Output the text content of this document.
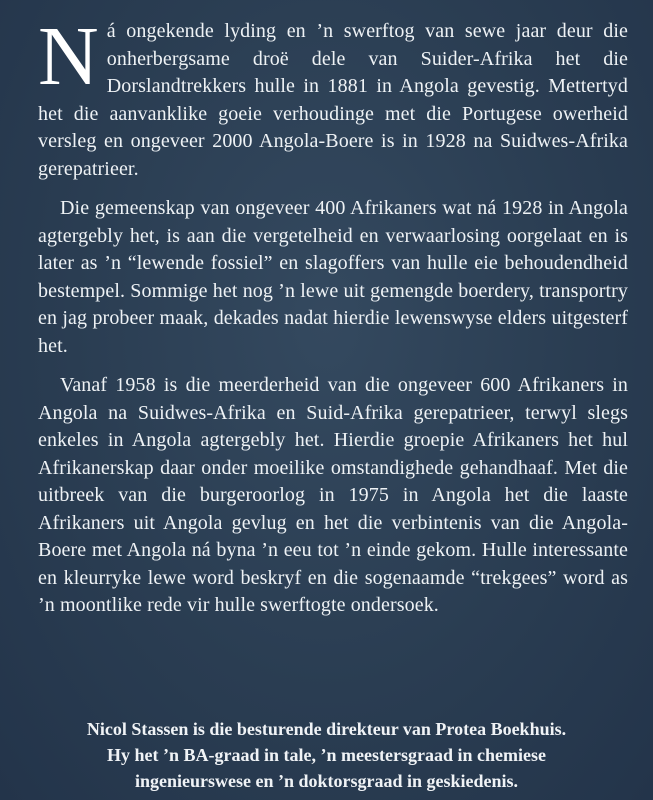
Ná ongekende lyding en ’n swerftog van sewe jaar deur die onherbergsame droë dele van Suider-Afrika het die Dorslandtrekkers hulle in 1881 in Angola gevestig. Mettertyd het die aanvanklike goeie verhoudinge met die Portugese owerheid versleg en ongeveer 2000 Angola-Boere is in 1928 na Suidwes-Afrika gerepatrieer.

Die gemeenskap van ongeveer 400 Afrikaners wat ná 1928 in Angola agtergebly het, is aan die vergetelheid en verwaarlosing oorgelaat en is later as ’n “lewende fossiel” en slagoffers van hulle eie behoudendheid bestempel. Sommige het nog ’n lewe uit gemengde boerdery, transportry en jag probeer maak, dekades nadat hierdie lewenswyse elders uitgesterf het.

Vanaf 1958 is die meerderheid van die ongeveer 600 Afrikaners in Angola na Suidwes-Afrika en Suid-Afrika gerepatrieer, terwyl slegs enkeles in Angola agtergebly het. Hierdie groepie Afrikaners het hul Afrikanerskap daar onder moeilike omstandighede gehandhaaf. Met die uitbreek van die burgeroorlog in 1975 in Angola het die laaste Afrikaners uit Angola gevlug en het die verbintenis van die Angola-Boere met Angola ná byna ’n eeu tot ’n einde gekom. Hulle interessante en kleurryke lewe word beskryf en die sogenaamde “trekgees” word as ’n moontlike rede vir hulle swerftogte ondersoek.

Nicol Stassen is die besturende direkteur van Protea Boekhuis.
Hy het ’n BA-graad in tale, ’n meestersgraad in chemiese
ingenieurswese en ’n doktorsgraad in geskiedenis.
